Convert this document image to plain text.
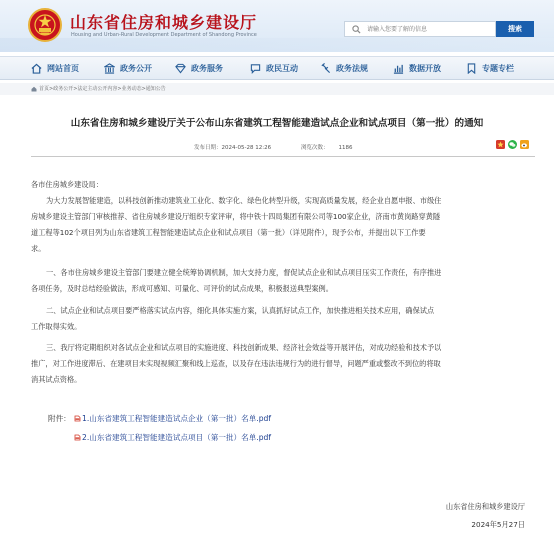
山东省住房和城乡建设厅
Housing and Urban-Rural Development Department of Shandong Province
请输入您要了解的信息
搜索
网站首页	政务公开	政务服务	政民互动	政务法规	数据开放	专题专栏
首页>政务公开>法定主动公开内容>业务动态>通知公告
山东省住房和城乡建设厅关于公布山东省建筑工程智能建造试点企业和试点项目（第一批）的通知
发布日期：2024-05-28 12:26	浏览次数： 1186

各市住房城乡建设局：

为大力发展智能建造，以科技创新推动建筑业工业化、数字化、绿色化转型升级，实现高质量发展，经企业自愿申报、市级住

房城乡建设主管部门审核推荐、省住房城乡建设厅组织专家评审，将中铁十四局集团有限公司等100家企业，济南市黄岗路穿黄隧

道工程等102个项目列为山东省建筑工程智能建造试点企业和试点项目（第一批）（详见附件），现予公布，并提出以下工作要

求。

一、各市住房城乡建设主管部门要建立健全统筹协调机制，加大支持力度，督促试点企业和试点项目压实工作责任，有序推进

各项任务，及时总结经验做法，形成可感知、可量化、可评价的试点成果，积极报送典型案例。

二、试点企业和试点项目要严格落实试点内容，细化具体实施方案，认真抓好试点工作，加快推进相关技术应用，确保试点

工作取得实效。

三、我厅将定期组织对各试点企业和试点项目的实施进度、科技创新成果、经济社会效益等开展评估，对成功经验和技术予以

推广，对工作进度滞后、在建项目未实现视频汇聚和线上巡查，以及存在违法违规行为的进行督导，问题严重或整改不到位的将取

消其试点资格。

附件： 1.山东省建筑工程智能建造试点企业（第一批）名单.pdf
2.山东省建筑工程智能建造试点项目（第一批）名单.pdf
山东省住房和城乡建设厅
2024年5月27日
